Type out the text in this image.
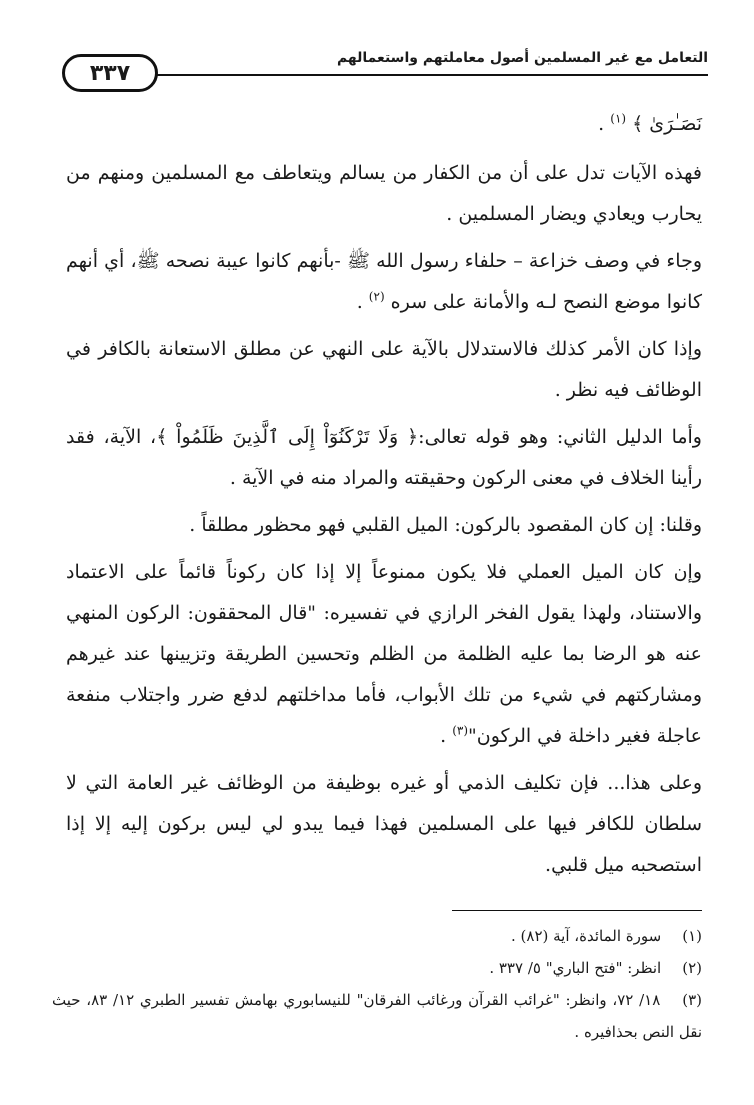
٣٣٧
التعامل مع غير المسلمين أصول معاملتهم واستعمالهم

نَصَـٰرَىٰ ﴾ $^{(١)}$ .

فهذه الآيات تدل على أن من الكفار من يسالم ويتعاطف مع المسلمين ومنهم من يحارب ويعادي ويضار المسلمين .

وجاء في وصف خزاعة – حلفاء رسول الله ﷺ -بأنهم كانوا عيبة نصحه ﷺ، أي أنهم كانوا موضع النصح لـه والأمانة على سره $^{(٢)}$ .

وإذا كان الأمر كذلك فالاستدلال بالآية على النهي عن مطلق الاستعانة بالكافر في الوظائف فيه نظر .

وأما الدليل الثاني: وهو قوله تعالى:﴿ وَلَا تَرْكَنُوٓاْ إِلَى ٱلَّذِينَ ظَلَمُواْ ﴾، الآية، فقد رأينا الخلاف في معنى الركون وحقيقته والمراد منه في الآية .

وقلنا: إن كان المقصود بالركون: الميل القلبي فهو محظور مطلقاً .

وإن كان الميل العملي فلا يكون ممنوعاً إلا إذا كان ركوناً قائماً على الاعتماد والاستناد، ولهذا يقول الفخر الرازي في تفسيره: "قال المحققون: الركون المنهي عنه هو الرضا بما عليه الظلمة من الظلم وتحسين الطريقة وتزيينها عند غيرهم ومشاركتهم في شيء من تلك الأبواب، فأما مداخلتهم لدفع ضرر واجتلاب منفعة عاجلة فغير داخلة في الركون"$^{(٣)}$ .

وعلى هذا... فإن تكليف الذمي أو غيره بوظيفة من الوظائف غير العامة التي لا سلطان للكافر فيها على المسلمين فهذا فيما يبدو لي ليس بركون إليه إلا إذا استصحبه ميل قلبي.

(١) سورة المائدة، آية (٨٢) .

(٢) انظر: "فتح الباري" ٥/ ٣٣٧ .

(٣) ١٨/ ٧٢، وانظر: "غرائب القرآن ورغائب الفرقان" للنيسابوري بهامش تفسير الطبري ١٢/ ٨٣، حيث نقل النص بحذافيره .
